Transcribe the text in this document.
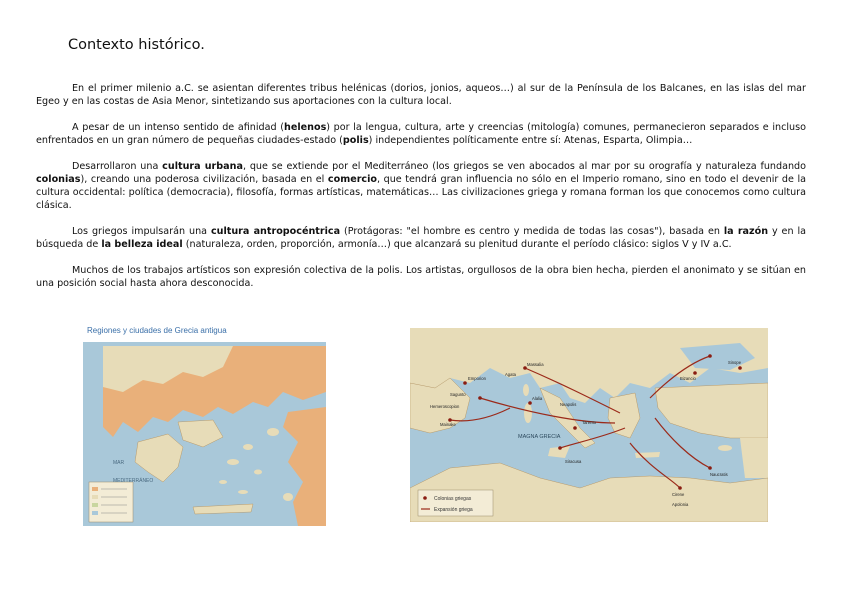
Contexto histórico.

En el primer milenio a.C. se asientan diferentes tribus helénicas (dorios, jonios, aqueos…) al sur de la Península de los Balcanes, en las islas del mar Egeo y en las costas de Asia Menor, sintetizando sus aportaciones con la cultura local.

A pesar de un intenso sentido de afinidad (helenos) por la lengua, cultura, arte y creencias (mitología) comunes, permanecieron separados e incluso enfrentados en un gran número de pequeñas ciudades-estado (polis) independientes políticamente entre sí: Atenas, Esparta, Olimpia…

Desarrollaron una cultura urbana, que se extiende por el Mediterráneo (los griegos se ven abocados al mar por su orografía y naturaleza fundando colonias), creando una poderosa civilización, basada en el comercio, que tendrá gran influencia no sólo en el Imperio romano, sino en todo el devenir de la cultura occidental: política (democracia), filosofía, formas artísticas, matemáticas… Las civilizaciones griega y romana forman los que conocemos como cultura clásica.

Los griegos impulsarán una cultura antropocéntrica (Protágoras: "el hombre es centro y medida de todas las cosas"), basada en la razón y en la búsqueda de la belleza ideal (naturaleza, orden, proporción, armonía…) que alcanzará su plenitud durante el período clásico: siglos V y IV a.C.

Muchos de los trabajos artísticos son expresión colectiva de la polis. Los artistas, orgullosos de la obra bien hecha, pierden el anonimato y se sitúan en una posición social hasta ahora desconocida.

Regiones y ciudades de Grecia antigua
MAR
MEDITERRÁNEO
MAGNA GRECIA
Colonias griegas
Expansión griega
Massalia
Agata
Emporion
Alalia
Sagunto
Hemeroscopion
Mainake
Neapolis
Tarento
Siracusa
Bizancio
Cirene
Naucratis
Sinope
Apolonia
